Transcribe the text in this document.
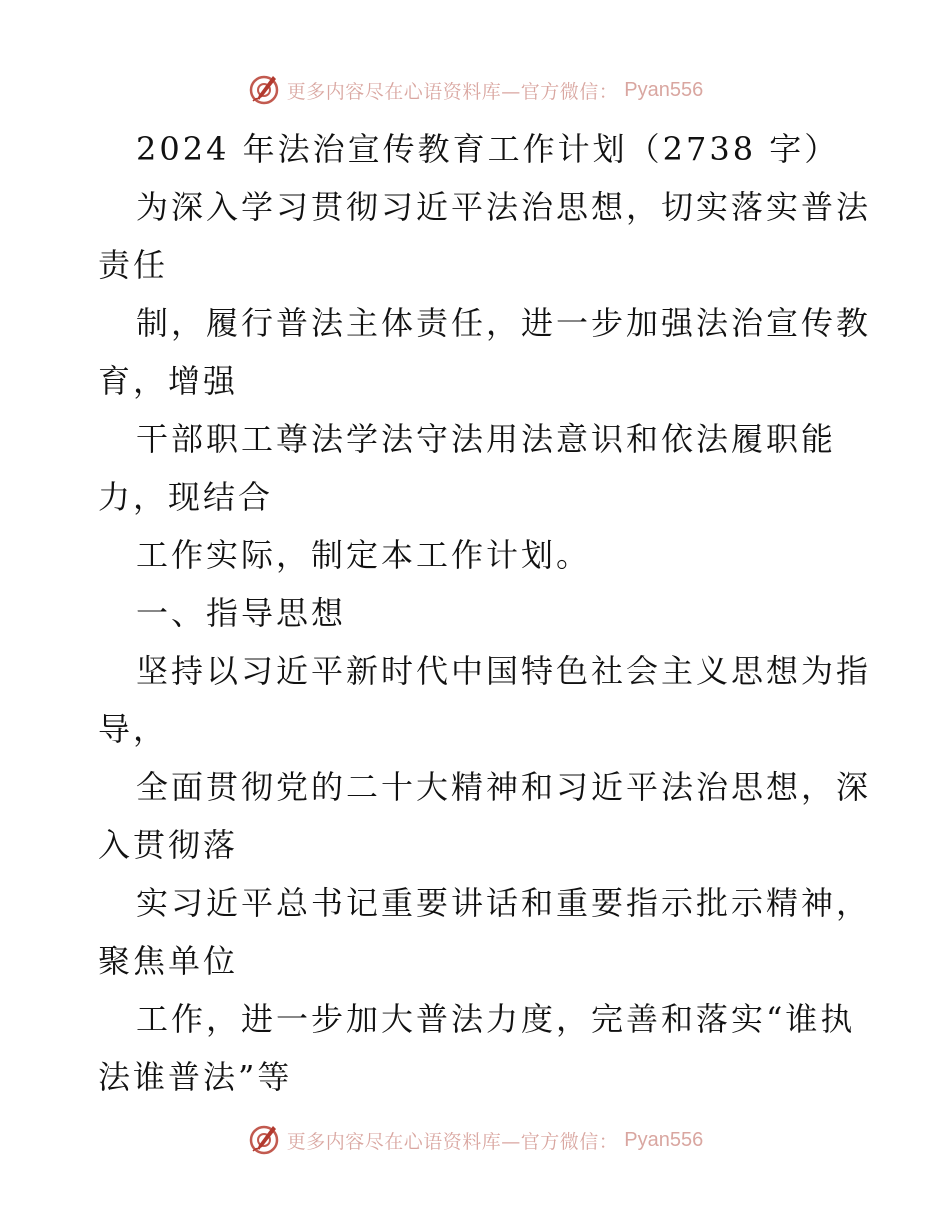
更多内容尽在心语资料库—官方微信： Pyan556
2024 年法治宣传教育工作计划（2738 字）
为深入学习贯彻习近平法治思想，切实落实普法
责任
制，履行普法主体责任，进一步加强法治宣传教
育，增强
干部职工尊法学法守法用法意识和依法履职能
力，现结合
工作实际，制定本工作计划。
一、指导思想
坚持以习近平新时代中国特色社会主义思想为指
导，
全面贯彻党的二十大精神和习近平法治思想，深
入贯彻落
实习近平总书记重要讲话和重要指示批示精神，
聚焦单位
工作，进一步加大普法力度，完善和落实“谁执
法谁普法”等
更多内容尽在心语资料库—官方微信： Pyan556
